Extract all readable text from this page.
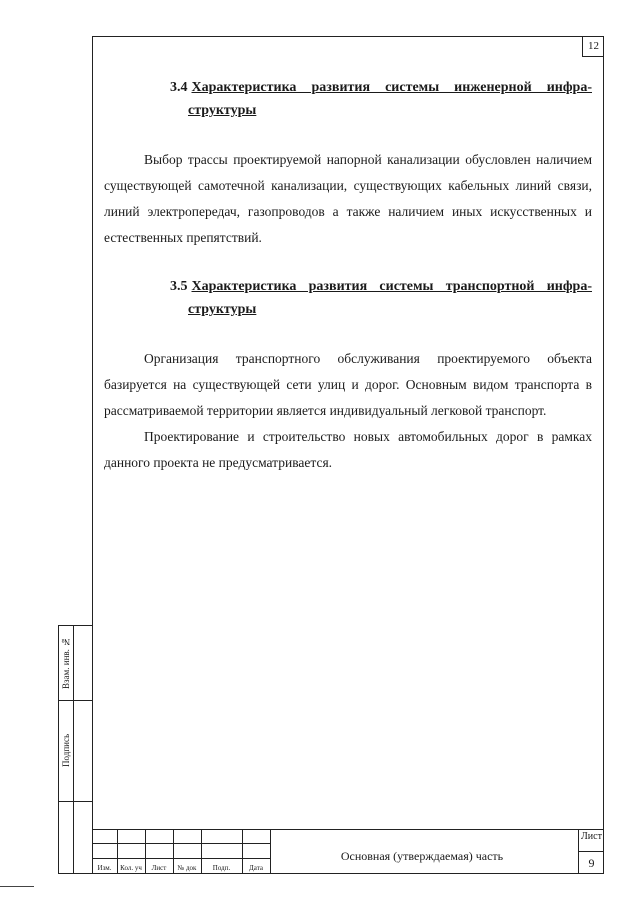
12
3.4 Характеристика развития системы инженерной инфра-
структуры
Выбор трассы проектируемой напорной канализации обусловлен наличием существующей самотечной канализации, существующих кабельных линий связи, линий электропередач, газопроводов а также наличием иных искусственных и естественных препятствий.
3.5 Характеристика развития системы транспортной инфра-
структуры
Организация транспортного обслуживания проектируемого объекта базируется на существующей сети улиц и дорог. Основным видом транспорта в рассматриваемой территории является индивидуальный легковой транспорт.
Проектирование и строительство новых автомобильных дорог в рамках данного проекта не предусматривается.
Взам. инв. №
Подпись
Изм.	Кол. уч	Лист	№ док	Подп.	Дата
Основная (утверждаемая) часть
Лист
9
